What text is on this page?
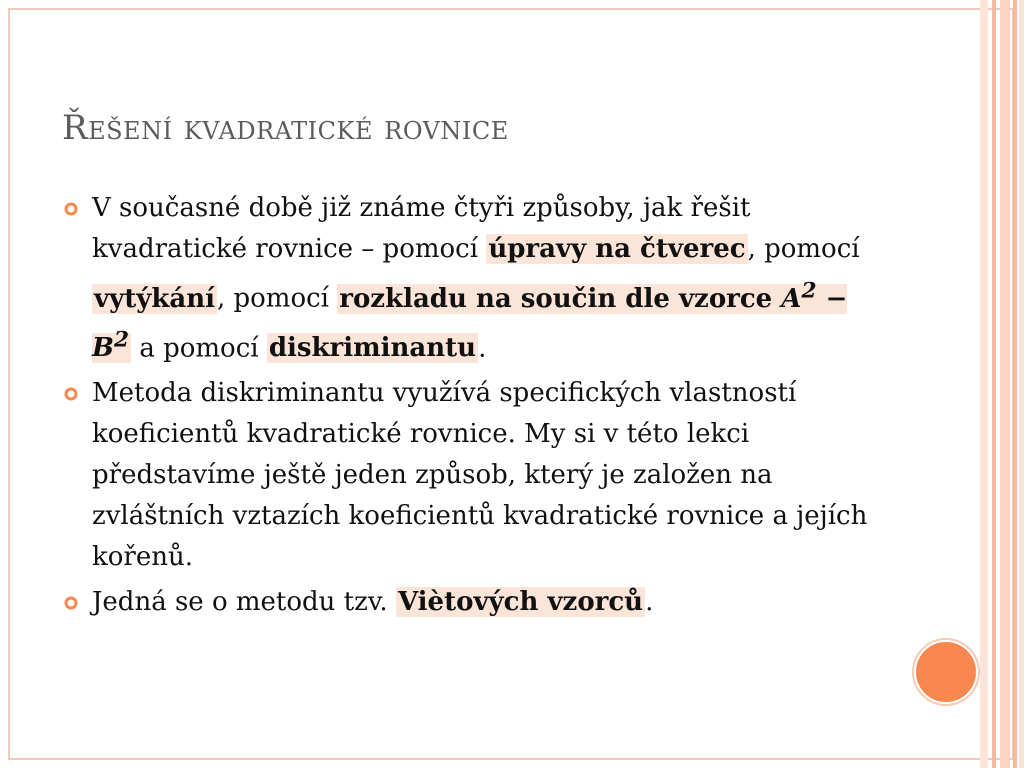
Řešení kvadratické rovnice
V současné době již známe čtyři způsoby, jak řešit kvadratické rovnice – pomocí úpravy na čtverec, pomocí vytýkání, pomocí rozkladu na součin dle vzorce $A^2 - B^2$ a pomocí diskriminantu.
Metoda diskriminantu využívá specifických vlastností koeficientů kvadratické rovnice. My si v této lekci představíme ještě jeden způsob, který je založen na zvláštních vztazích koeficientů kvadratické rovnice a jejích kořenů.
Jedná se o metodu tzv. Viètových vzorců.
